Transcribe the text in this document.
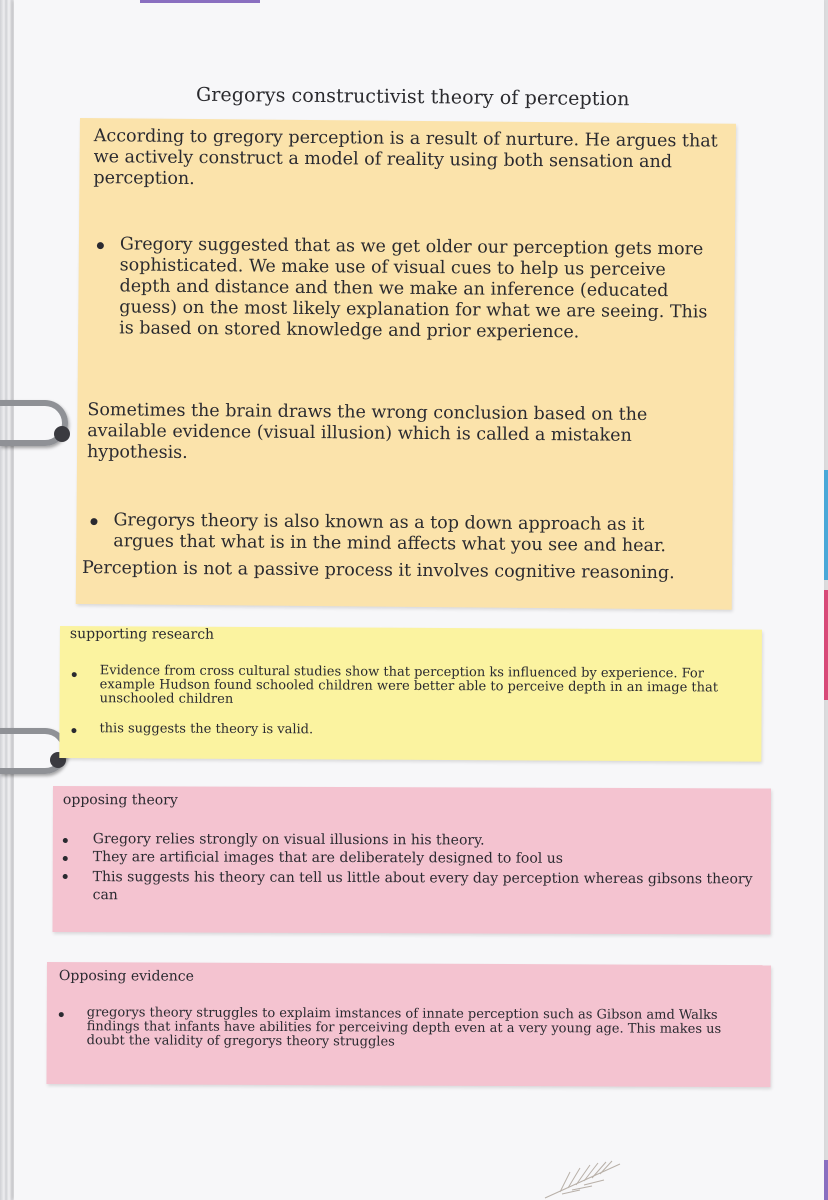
Gregorys constructivist theory of perception
According to gregory perception is a result of nurture. He argues that we actively construct a model of reality using both sensation and perception.
Gregory suggested that as we get older our perception gets more sophisticated. We make use of visual cues to help us perceive depth and distance and then we make an inference (educated guess) on the most likely explanation for what we are seeing. This is based on stored knowledge and prior experience.
Sometimes the brain draws the wrong conclusion based on the available evidence (visual illusion) which is called a mistaken hypothesis.
Gregorys theory is also known as a top down approach as it argues that what is in the mind affects what you see and hear.
Perception is not a passive process it involves cognitive reasoning.
supporting research
Evidence from cross cultural studies show that perception ks influenced by experience. For example Hudson found schooled children were better able to perceive depth in an image that unschooled children
this suggests the theory is valid.
opposing theory
Gregory relies strongly on visual illusions in his theory.
They are artificial images that are deliberately designed to fool us
This suggests his theory can tell us little about every day perception whereas gibsons theory can
Opposing evidence
gregorys theory struggles to explaim imstances of innate perception such as Gibson amd Walks findings that infants have abilities for perceiving depth even at a very young age. This makes us doubt the validity of gregorys theory struggles
